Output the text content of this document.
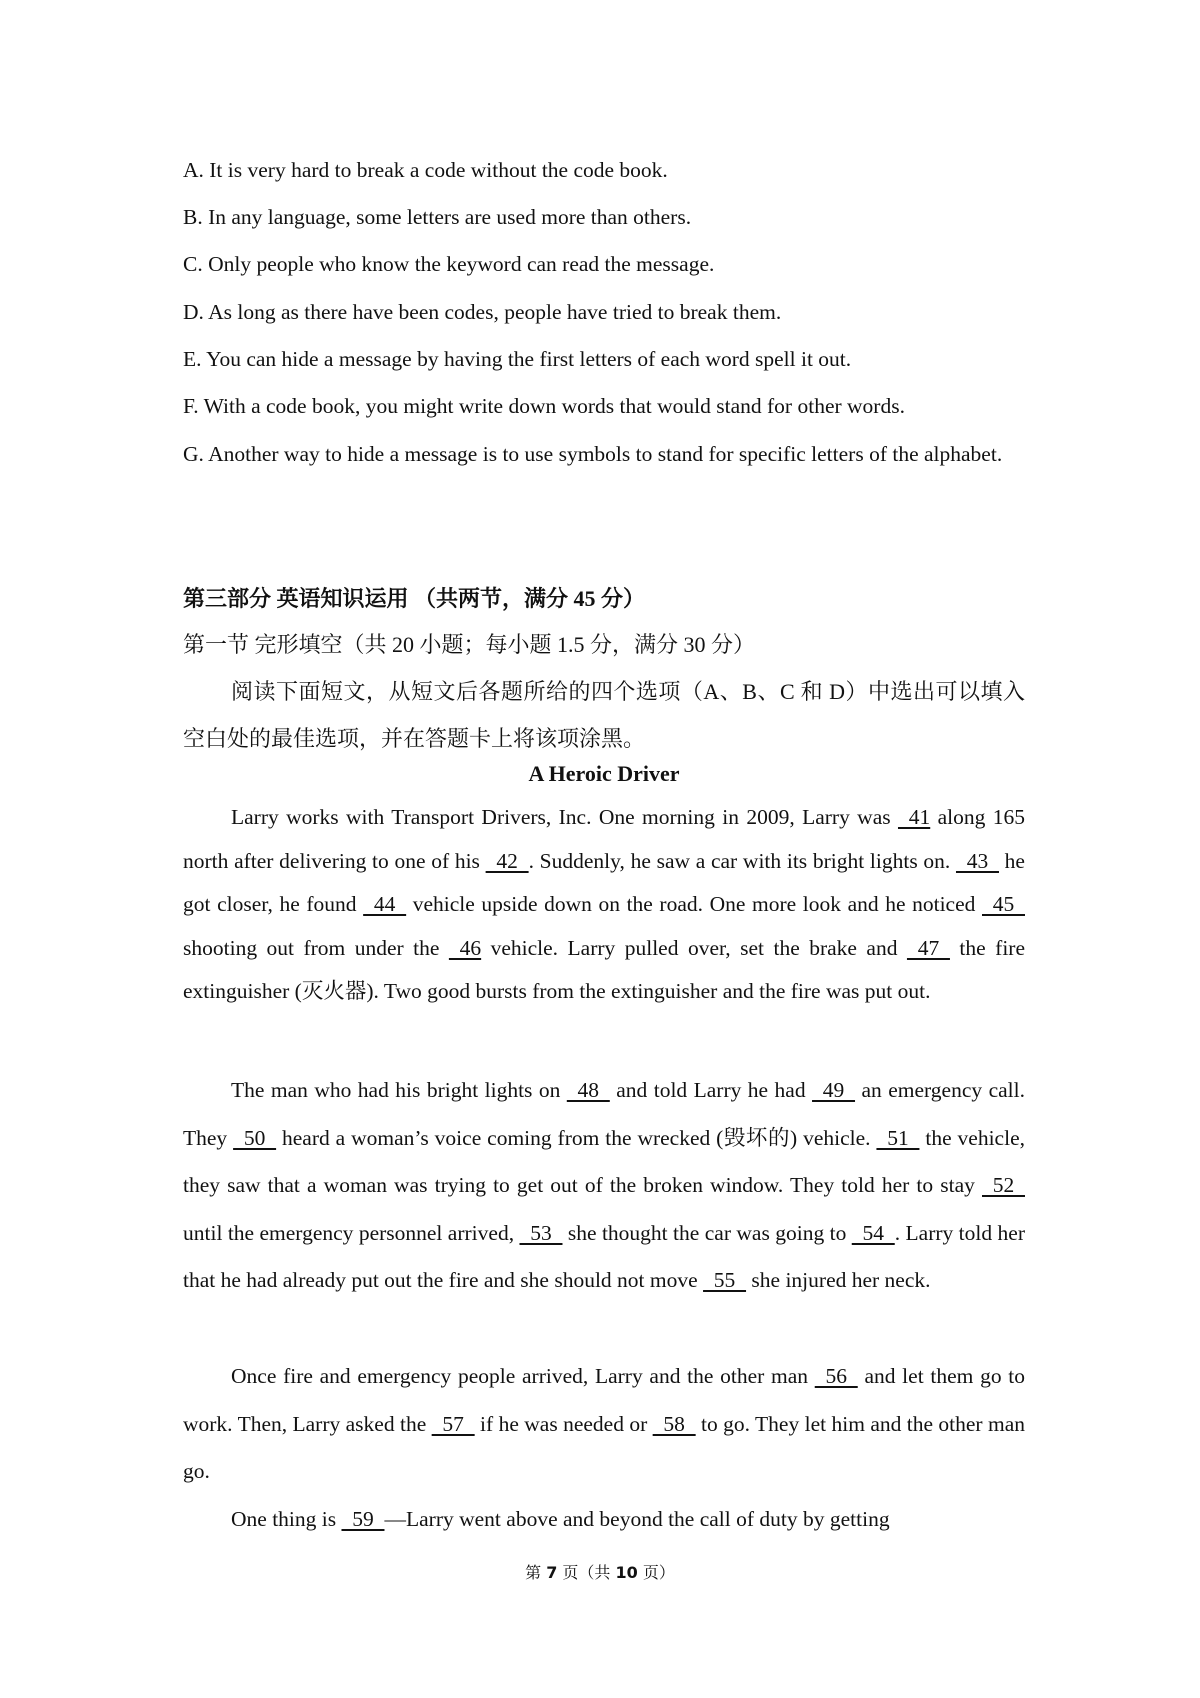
A. It is very hard to break a code without the code book.
B. In any language, some letters are used more than others.
C. Only people who know the keyword can read the message.
D. As long as there have been codes, people have tried to break them.
E. You can hide a message by having the first letters of each word spell it out.
F. With a code book, you might write down words that would stand for other words.
G. Another way to hide a message is to use symbols to stand for specific letters of the alphabet.
第三部分 英语知识运用 （共两节，满分 45 分）
第一节 完形填空（共 20 小题；每小题 1.5 分，满分 30 分）
阅读下面短文，从短文后各题所给的四个选项（A、B、C 和 D）中选出可以填入空白处的最佳选项，并在答题卡上将该项涂黑。
A Heroic Driver
Larry works with Transport Drivers, Inc. One morning in 2009, Larry was   41 along 165 north after delivering to one of his   42  . Suddenly, he saw a car with its bright lights on.   43   he got closer, he found   44   vehicle upside down on the road. One more look and he noticed   45   shooting out from under the   46 vehicle. Larry pulled over, set the brake and   47   the fire extinguisher (灭火器). Two good bursts from the extinguisher and the fire was put out.
The man who had his bright lights on   48   and told Larry he had   49   an emergency call. They   50   heard a woman’s voice coming from the wrecked (毁坏的) vehicle.   51   the vehicle, they saw that a woman was trying to get out of the broken window. They told her to stay   52   until the emergency personnel arrived,   53   she thought the car was going to   54  . Larry told her that he had already put out the fire and she should not move   55   she injured her neck.
Once fire and emergency people arrived, Larry and the other man   56   and let them go to work. Then, Larry asked the   57   if he was needed or   58   to go. They let him and the other man go.
One thing is   59  —Larry went above and beyond the call of duty by getting
第 7 页（共 10 页）
